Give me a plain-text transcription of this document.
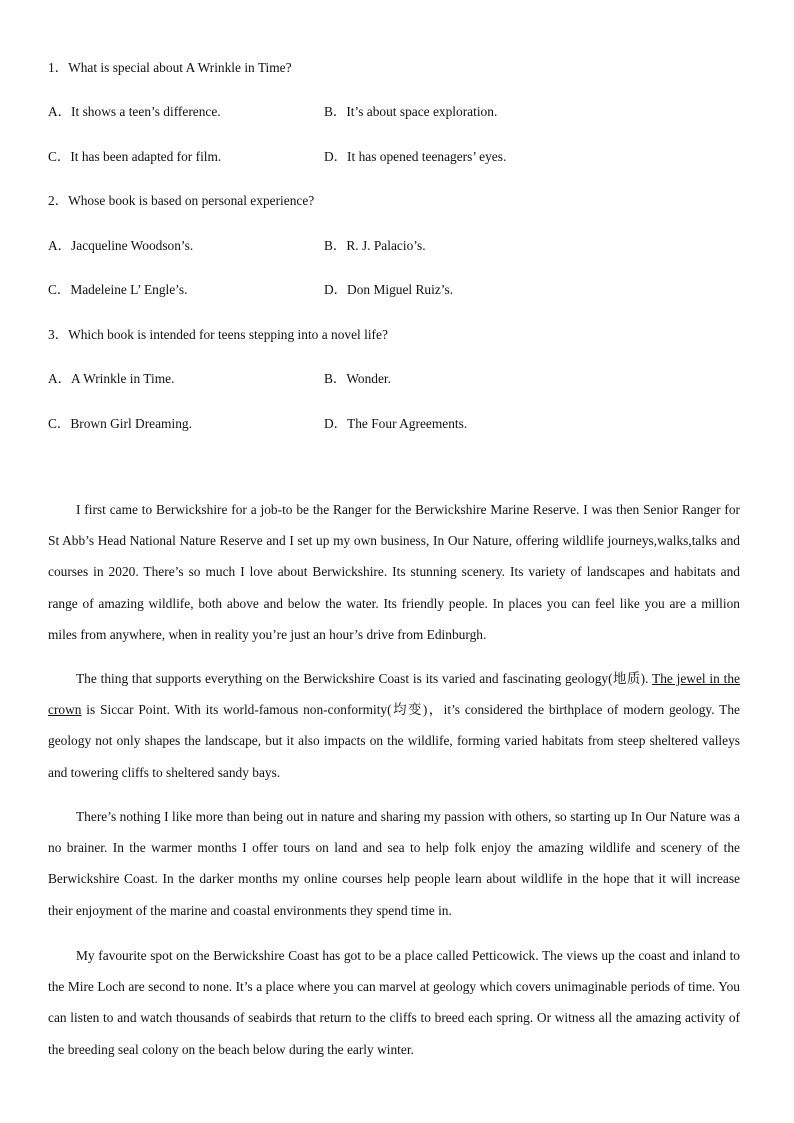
1．What is special about A Wrinkle in Time?
A．It shows a teen’s difference.	B．It’s about space exploration.
C．It has been adapted for film.	D．It has opened teenagers’ eyes.
2．Whose book is based on personal experience?
A．Jacqueline Woodson’s.	B．R. J. Palacio’s.
C．Madeleine L’ Engle’s.	D．Don Miguel Ruiz’s.
3．Which book is intended for teens stepping into a novel life?
A．A Wrinkle in Time.	B．Wonder.
C．Brown Girl Dreaming.	D．The Four Agreements.

I first came to Berwickshire for a job-to be the Ranger for the Berwickshire Marine Reserve. I was then Senior Ranger for St Abb’s Head National Nature Reserve and I set up my own business, In Our Nature, offering wildlife journeys,walks,talks and courses in 2020. There’s so much I love about Berwickshire. Its stunning scenery. Its variety of landscapes and habitats and range of amazing wildlife, both above and below the water. Its friendly people. In places you can feel like you are a million miles from anywhere, when in reality you’re just an hour’s drive from Edinburgh.

The thing that supports everything on the Berwickshire Coast is its varied and fascinating geology(地质). The jewel in the crown is Siccar Point. With its world-famous non-conformity(均变)，it’s considered the birthplace of modern geology. The geology not only shapes the landscape, but it also impacts on the wildlife, forming varied habitats from steep sheltered valleys and towering cliffs to sheltered sandy bays.

There’s nothing I like more than being out in nature and sharing my passion with others, so starting up In Our Nature was a no brainer. In the warmer months I offer tours on land and sea to help folk enjoy the amazing wildlife and scenery of the Berwickshire Coast. In the darker months my online courses help people learn about wildlife in the hope that it will increase their enjoyment of the marine and coastal environments they spend time in.

My favourite spot on the Berwickshire Coast has got to be a place called Petticowick. The views up the coast and inland to the Mire Loch are second to none. It’s a place where you can marvel at geology which covers unimaginable periods of time. You can listen to and watch thousands of seabirds that return to the cliffs to breed each spring. Or witness all the amazing activity of the breeding seal colony on the beach below during the early winter.
